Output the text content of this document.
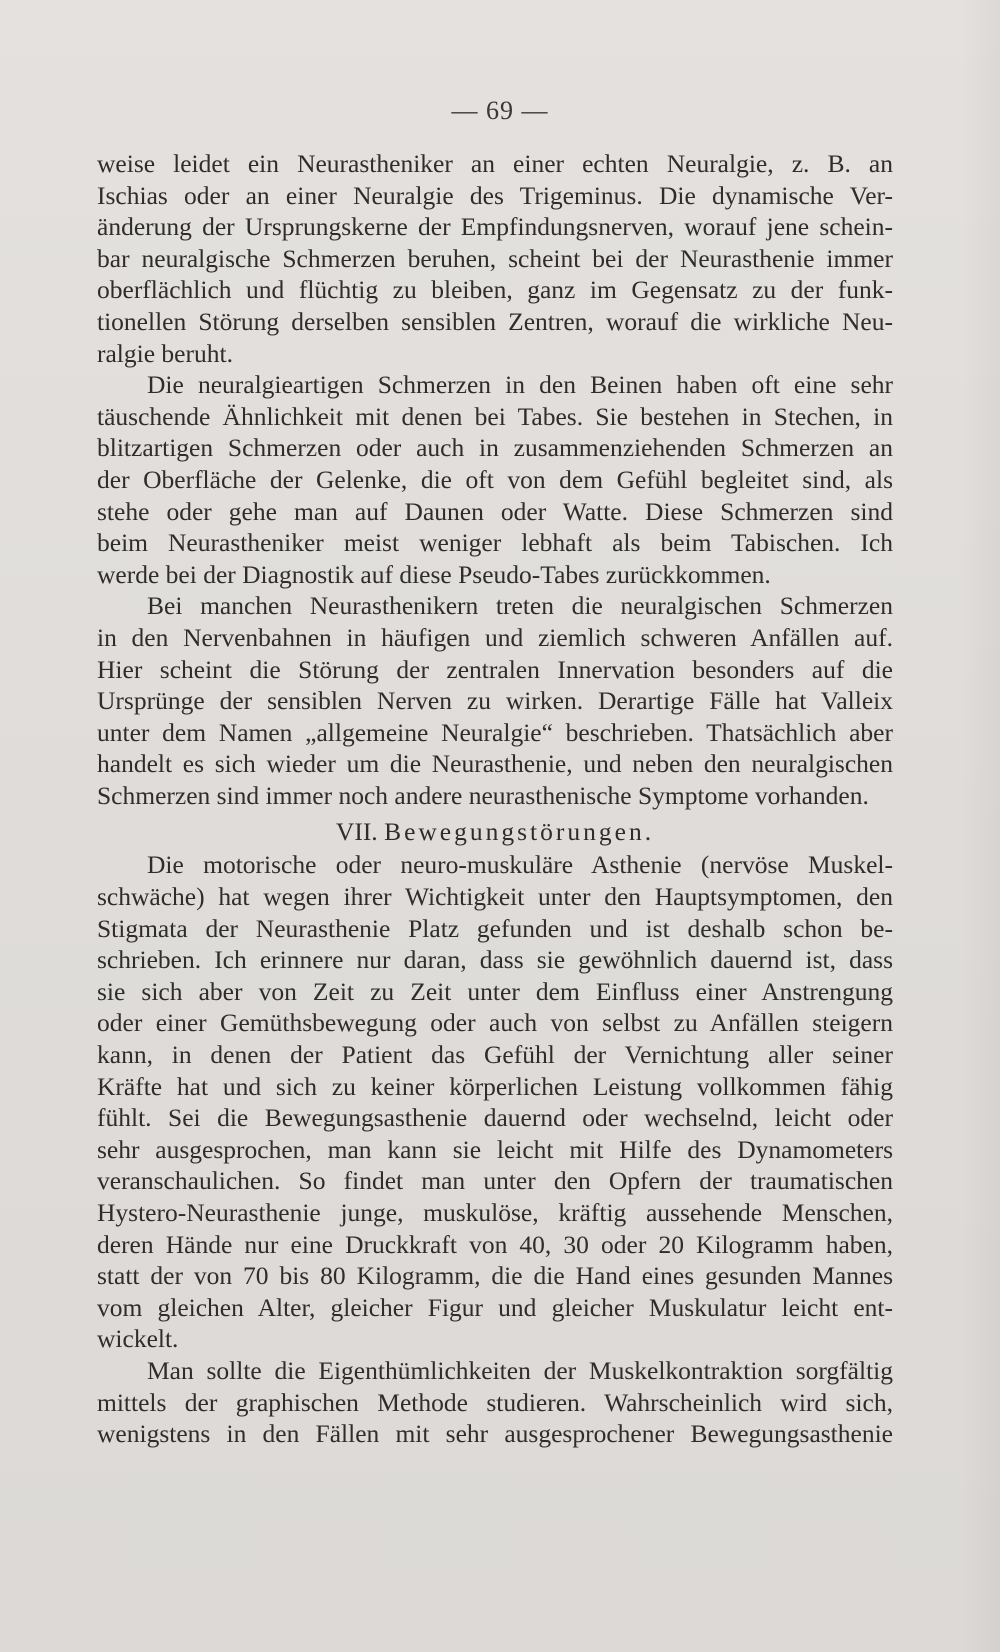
— 69 —
weise leidet ein Neurastheniker an einer echten Neuralgie, z. B. an
Ischias oder an einer Neuralgie des Trigeminus. Die dynamische Ver-
änderung der Ursprungskerne der Empfindungsnerven, worauf jene schein-
bar neuralgische Schmerzen beruhen, scheint bei der Neurasthenie immer
oberflächlich und flüchtig zu bleiben, ganz im Gegensatz zu der funk-
tionellen Störung derselben sensiblen Zentren, worauf die wirkliche Neu-
ralgie beruht.
Die neuralgieartigen Schmerzen in den Beinen haben oft eine sehr
täuschende Ähnlichkeit mit denen bei Tabes. Sie bestehen in Stechen, in
blitzartigen Schmerzen oder auch in zusammenziehenden Schmerzen an
der Oberfläche der Gelenke, die oft von dem Gefühl begleitet sind, als
stehe oder gehe man auf Daunen oder Watte. Diese Schmerzen sind
beim Neurastheniker meist weniger lebhaft als beim Tabischen. Ich
werde bei der Diagnostik auf diese Pseudo-Tabes zurückkommen.
Bei manchen Neurasthenikern treten die neuralgischen Schmerzen
in den Nervenbahnen in häufigen und ziemlich schweren Anfällen auf.
Hier scheint die Störung der zentralen Innervation besonders auf die
Ursprünge der sensiblen Nerven zu wirken. Derartige Fälle hat Valleix
unter dem Namen „allgemeine Neuralgie“ beschrieben. Thatsächlich aber
handelt es sich wieder um die Neurasthenie, und neben den neuralgischen
Schmerzen sind immer noch andere neurasthenische Symptome vorhanden.
VII. Bewegungstörungen.
Die motorische oder neuro-muskuläre Asthenie (nervöse Muskel-
schwäche) hat wegen ihrer Wichtigkeit unter den Hauptsymptomen, den
Stigmata der Neurasthenie Platz gefunden und ist deshalb schon be-
schrieben. Ich erinnere nur daran, dass sie gewöhnlich dauernd ist, dass
sie sich aber von Zeit zu Zeit unter dem Einfluss einer Anstrengung
oder einer Gemüthsbewegung oder auch von selbst zu Anfällen steigern
kann, in denen der Patient das Gefühl der Vernichtung aller seiner
Kräfte hat und sich zu keiner körperlichen Leistung vollkommen fähig
fühlt. Sei die Bewegungsasthenie dauernd oder wechselnd, leicht oder
sehr ausgesprochen, man kann sie leicht mit Hilfe des Dynamometers
veranschaulichen. So findet man unter den Opfern der traumatischen
Hystero-Neurasthenie junge, muskulöse, kräftig aussehende Menschen,
deren Hände nur eine Druckkraft von 40, 30 oder 20 Kilogramm haben,
statt der von 70 bis 80 Kilogramm, die die Hand eines gesunden Mannes
vom gleichen Alter, gleicher Figur und gleicher Muskulatur leicht ent-
wickelt.
Man sollte die Eigenthümlichkeiten der Muskelkontraktion sorgfältig
mittels der graphischen Methode studieren. Wahrscheinlich wird sich,
wenigstens in den Fällen mit sehr ausgesprochener Bewegungsasthenie
